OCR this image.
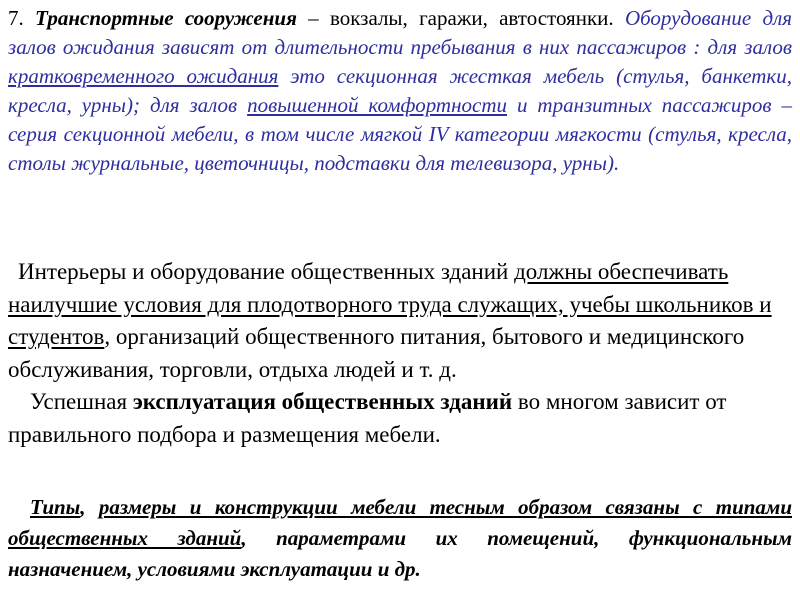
7. Транспортные сооружения – вокзалы, гаражи, автостоянки. Оборудование для залов ожидания зависят от длительности пребывания в них пассажиров : для залов кратковременного ожидания это секционная жесткая мебель (стулья, банкетки, кресла, урны); для залов повышенной комфортности и транзитных пассажиров – серия секционной мебели, в том числе мягкой IV категории мягкости (стулья, кресла, столы журнальные, цветочницы, подставки для телевизора, урны).
Интерьеры и оборудование общественных зданий должны обеспечивать наилучшие условия для плодотворного труда служащих, учебы школьников и студентов, организаций общественного питания, бытового и медицинского обслуживания, торговли, отдыха людей и т. д.
Успешная эксплуатация общественных зданий во многом зависит от правильного подбора и размещения мебели.
Типы, размеры и конструкции мебели тесным образом связаны с типами общественных зданий, параметрами их помещений, функциональным назначением, условиями эксплуатации и др.
